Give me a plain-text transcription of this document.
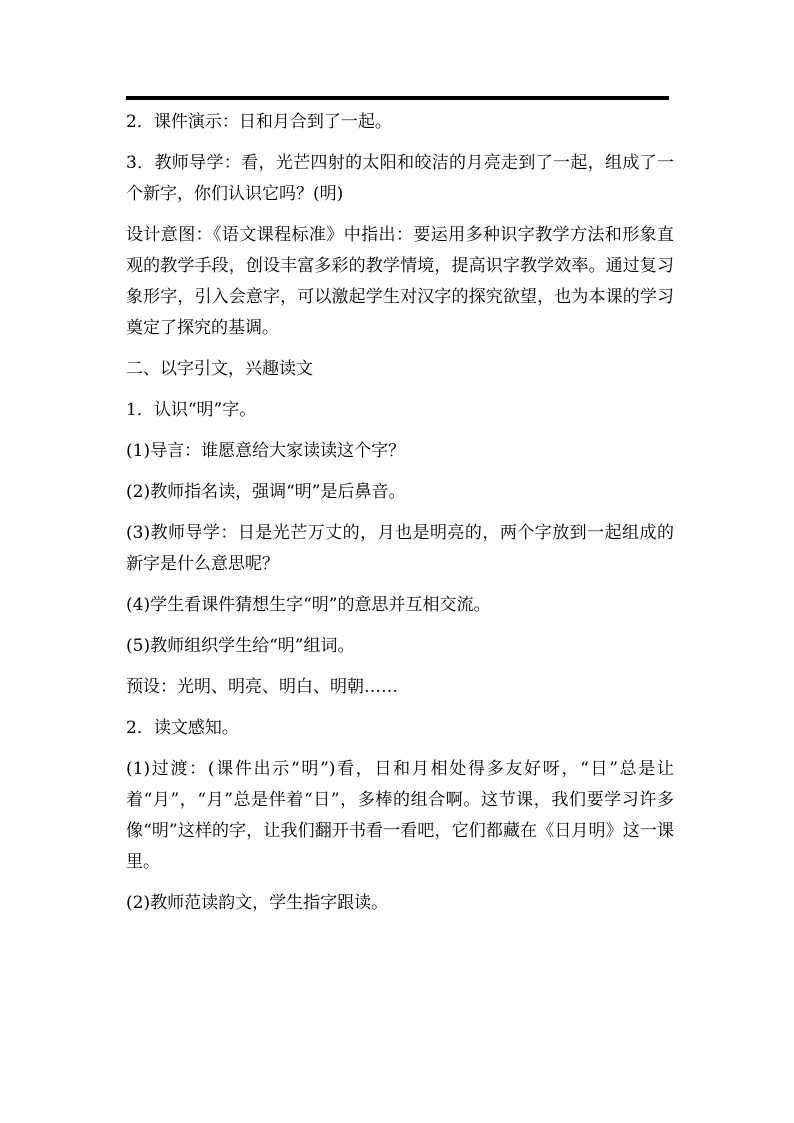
2．课件演示：日和月合到了一起。

3．教师导学：看，光芒四射的太阳和皎洁的月亮走到了一起，组成了一个新字，你们认识它吗？(明)

设计意图：《语文课程标准》中指出：要运用多种识字教学方法和形象直观的教学手段，创设丰富多彩的教学情境，提高识字教学效率。通过复习象形字，引入会意字，可以激起学生对汉字的探究欲望，也为本课的学习奠定了探究的基调。

二、以字引文，兴趣读文

1．认识“明”字。

(1)导言：谁愿意给大家读读这个字？

(2)教师指名读，强调“明”是后鼻音。

(3)教师导学：日是光芒万丈的，月也是明亮的，两个字放到一起组成的新字是什么意思呢？

(4)学生看课件猜想生字“明”的意思并互相交流。

(5)教师组织学生给“明”组词。

预设：光明、明亮、明白、明朝……

2．读文感知。

(1)过渡：(课件出示“明”)看，日和月相处得多友好呀，“日”总是让着“月”，“月”总是伴着“日”，多棒的组合啊。这节课，我们要学习许多像“明”这样的字，让我们翻开书看一看吧，它们都藏在《日月明》这一课里。

(2)教师范读韵文，学生指字跟读。
